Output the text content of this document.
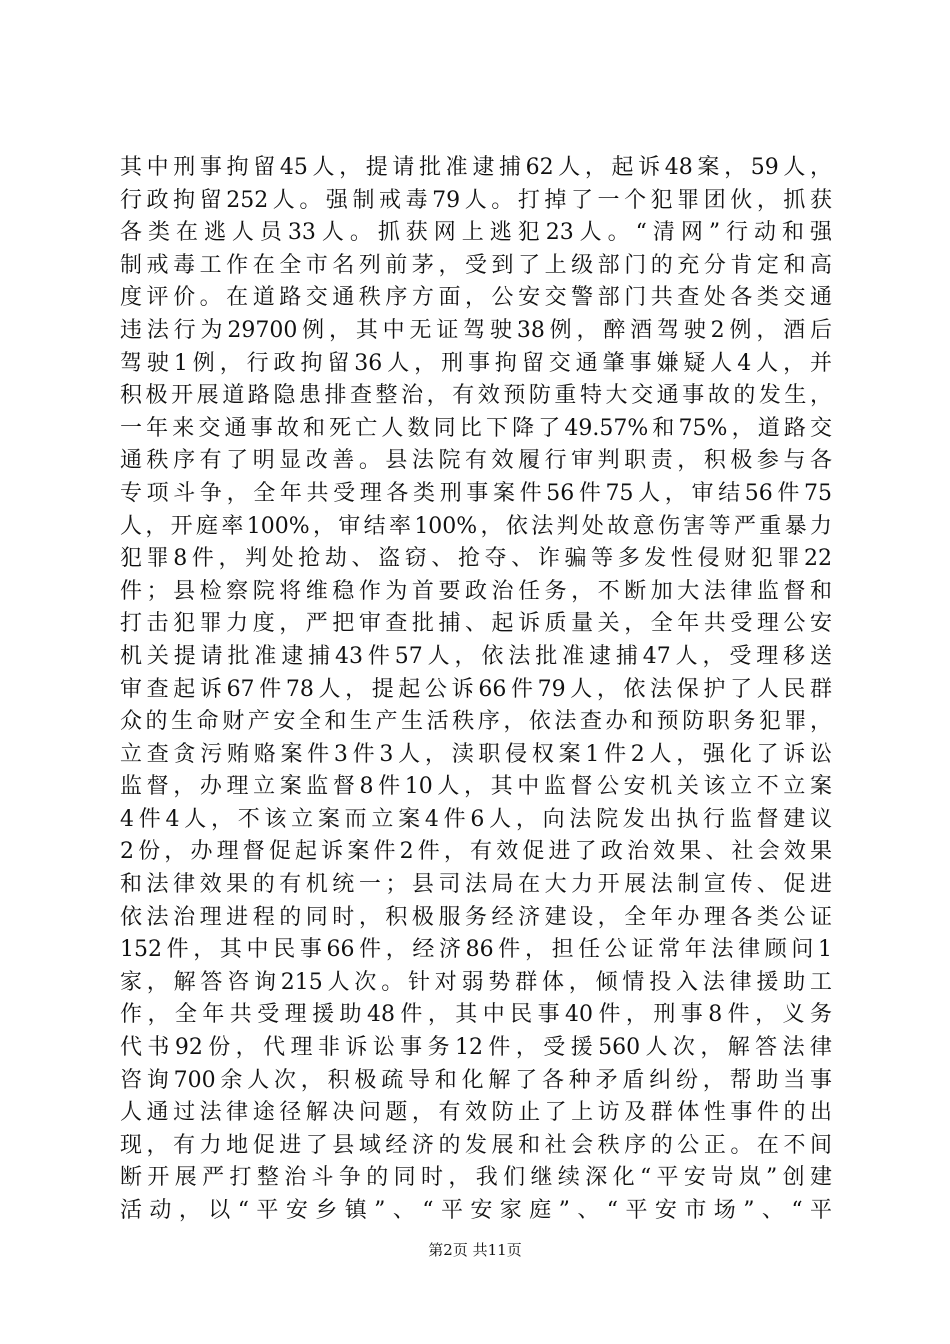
其中刑事拘留45人，提请批准逮捕62人，起诉48案，59人，
行政拘留252人。强制戒毒79人。打掉了一个犯罪团伙，抓获
各类在逃人员33人。抓获网上逃犯23人。“清网”行动和强
制戒毒工作在全市名列前茅，受到了上级部门的充分肯定和高
度评价。在道路交通秩序方面，公安交警部门共查处各类交通
违法行为29700例，其中无证驾驶38例，醉酒驾驶2例，酒后
驾驶1例，行政拘留36人，刑事拘留交通肇事嫌疑人4人，并
积极开展道路隐患排查整治，有效预防重特大交通事故的发生，
一年来交通事故和死亡人数同比下降了49.57%和75%，道路交
通秩序有了明显改善。县法院有效履行审判职责，积极参与各
专项斗争，全年共受理各类刑事案件56件75人，审结56件75
人，开庭率100%，审结率100%，依法判处故意伤害等严重暴力
犯罪8件，判处抢劫、盗窃、抢夺、诈骗等多发性侵财犯罪22
件；县检察院将维稳作为首要政治任务，不断加大法律监督和
打击犯罪力度，严把审查批捕、起诉质量关，全年共受理公安
机关提请批准逮捕43件57人，依法批准逮捕47人，受理移送
审查起诉67件78人，提起公诉66件79人，依法保护了人民群
众的生命财产安全和生产生活秩序，依法查办和预防职务犯罪，
立查贪污贿赂案件3件3人，渎职侵权案1件2人，强化了诉讼
监督，办理立案监督8件10人，其中监督公安机关该立不立案
4件4人，不该立案而立案4件6人，向法院发出执行监督建议
2份，办理督促起诉案件2件，有效促进了政治效果、社会效果
和法律效果的有机统一；县司法局在大力开展法制宣传、促进
依法治理进程的同时，积极服务经济建设，全年办理各类公证
152件，其中民事66件，经济86件，担任公证常年法律顾问1
家，解答咨询215人次。针对弱势群体，倾情投入法律援助工
作，全年共受理援助48件，其中民事40件，刑事8件，义务
代书92份，代理非诉讼事务12件，受援560人次，解答法律
咨询700余人次，积极疏导和化解了各种矛盾纠纷，帮助当事
人通过法律途径解决问题，有效防止了上访及群体性事件的出
现，有力地促进了县域经济的发展和社会秩序的公正。在不间
断开展严打整治斗争的同时，我们继续深化“平安岢岚”创建
活动，以“平安乡镇”、“平安家庭”、“平安市场”、“平
第2页 共11页
